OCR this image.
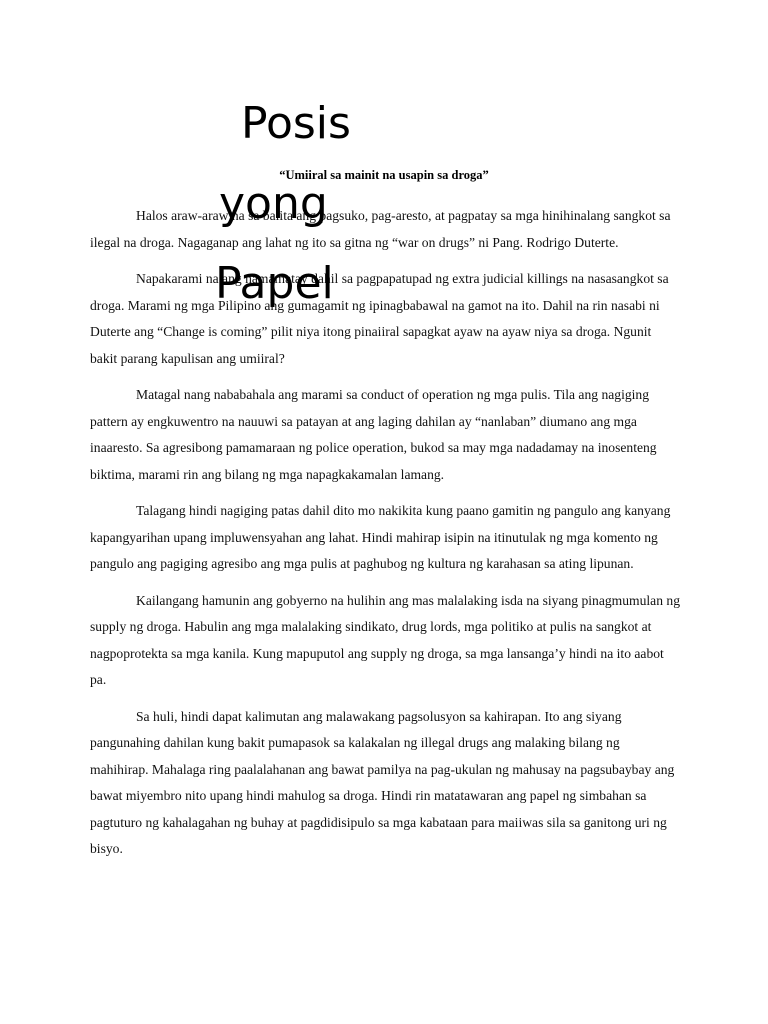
Posis
yong
Papel
“Umiiral sa mainit na usapin sa droga”

Halos araw-araw na sa balita ang pagsuko, pag-aresto, at pagpatay sa mga hinihinalang sangkot sa ilegal na droga. Nagaganap ang lahat ng ito sa gitna ng “war on drugs” ni Pang. Rodrigo Duterte.

Napakarami na ang namamatay dahil sa pagpapatupad ng extra judicial killings na nasasangkot sa droga. Marami ng mga Pilipino ang gumagamit ng ipinagbabawal na gamot na ito. Dahil na rin nasabi ni Duterte ang “Change is coming” pilit niya itong pinaiiral sapagkat ayaw na ayaw niya sa droga. Ngunit bakit parang kapulisan ang umiiral?

Matagal nang nababahala ang marami sa conduct of operation ng mga pulis. Tila ang nagiging pattern ay engkuwentro na nauuwi sa patayan at ang laging dahilan ay “nanlaban” diumano ang mga inaaresto. Sa agresibong pamamaraan ng police operation, bukod sa may mga nadadamay na inosenteng biktima, marami rin ang bilang ng mga napagkakamalan lamang.

Talagang hindi nagiging patas dahil dito mo nakikita kung paano gamitin ng pangulo ang kanyang kapangyarihan upang impluwensyahan ang lahat. Hindi mahirap isipin na itinutulak ng mga komento ng pangulo ang pagiging agresibo ang mga pulis at paghubog ng kultura ng karahasan sa ating lipunan.

Kailangang hamunin ang gobyerno na hulihin ang mas malalaking isda na siyang pinagmumulan ng supply ng droga. Habulin ang mga malalaking sindikato, drug lords, mga politiko at pulis na sangkot at nagpoprotekta sa mga kanila. Kung mapuputol ang supply ng droga, sa mga lansanga’y hindi na ito aabot pa.

Sa huli, hindi dapat kalimutan ang malawakang pagsolusyon sa kahirapan. Ito ang siyang pangunahing dahilan kung bakit pumapasok sa kalakalan ng illegal drugs ang malaking bilang ng mahihirap. Mahalaga ring paalalahanan ang bawat pamilya na pag-ukulan ng mahusay na pagsubaybay ang bawat miyembro nito upang hindi mahulog sa droga. Hindi rin matatawaran ang papel ng simbahan sa pagtuturo ng kahalagahan ng buhay at pagdidisipulo sa mga kabataan para maiiwas sila sa ganitong uri ng bisyo.
